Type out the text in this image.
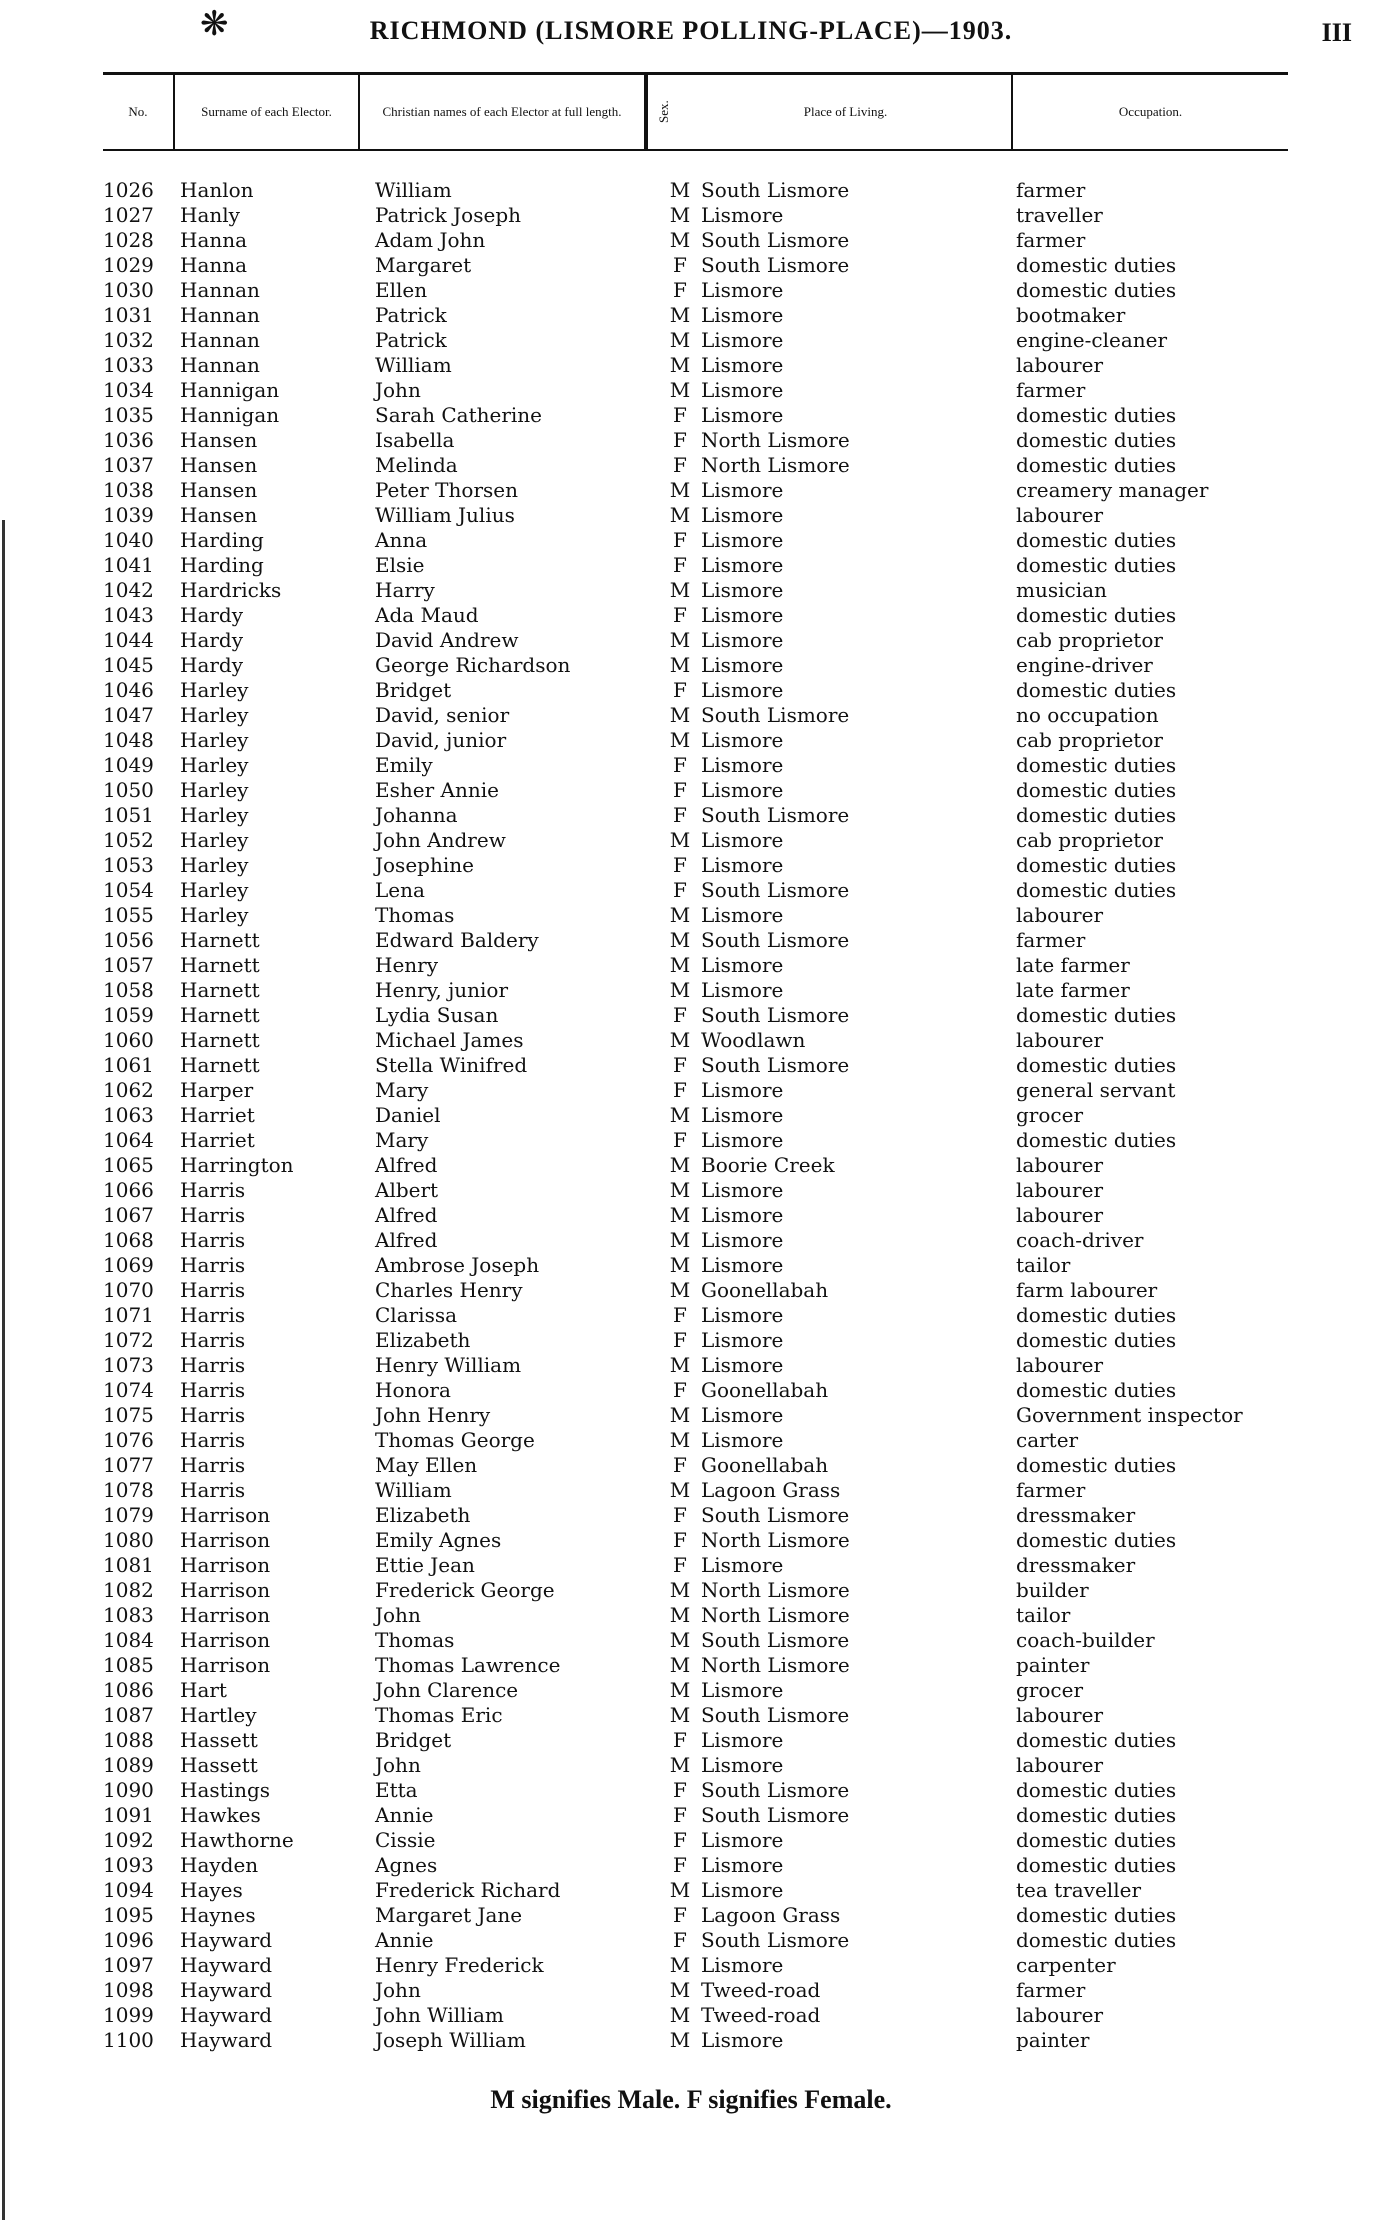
❋	RICHMOND (LISMORE POLLING-PLACE)—1903.	III
No.	Surname of each Elector.	Christian names of each Elector at full length.	Sex.	Place of Living.	Occupation.
1026	Hanlon	William	M South Lismore	farmer
1027	Hanly	Patrick Joseph	M Lismore	traveller
1028	Hanna	Adam John	M South Lismore	farmer
1029	Hanna	Margaret	F South Lismore	domestic duties
1030	Hannan	Ellen	F Lismore	domestic duties
1031	Hannan	Patrick	M Lismore	bootmaker
1032	Hannan	Patrick	M Lismore	engine-cleaner
1033	Hannan	William	M Lismore	labourer
1034	Hannigan	John	M Lismore	farmer
1035	Hannigan	Sarah Catherine	F Lismore	domestic duties
1036	Hansen	Isabella	F North Lismore	domestic duties
1037	Hansen	Melinda	F North Lismore	domestic duties
1038	Hansen	Peter Thorsen	M Lismore	creamery manager
1039	Hansen	William Julius	M Lismore	labourer
1040	Harding	Anna	F Lismore	domestic duties
1041	Harding	Elsie	F Lismore	domestic duties
1042	Hardricks	Harry	M Lismore	musician
1043	Hardy	Ada Maud	F Lismore	domestic duties
1044	Hardy	David Andrew	M Lismore	cab proprietor
1045	Hardy	George Richardson	M Lismore	engine-driver
1046	Harley	Bridget	F Lismore	domestic duties
1047	Harley	David, senior	M South Lismore	no occupation
1048	Harley	David, junior	M Lismore	cab proprietor
1049	Harley	Emily	F Lismore	domestic duties
1050	Harley	Esher Annie	F Lismore	domestic duties
1051	Harley	Johanna	F South Lismore	domestic duties
1052	Harley	John Andrew	M Lismore	cab proprietor
1053	Harley	Josephine	F Lismore	domestic duties
1054	Harley	Lena	F South Lismore	domestic duties
1055	Harley	Thomas	M Lismore	labourer
1056	Harnett	Edward Baldery	M South Lismore	farmer
1057	Harnett	Henry	M Lismore	late farmer
1058	Harnett	Henry, junior	M Lismore	late farmer
1059	Harnett	Lydia Susan	F South Lismore	domestic duties
1060	Harnett	Michael James	M Woodlawn	labourer
1061	Harnett	Stella Winifred	F South Lismore	domestic duties
1062	Harper	Mary	F Lismore	general servant
1063	Harriet	Daniel	M Lismore	grocer
1064	Harriet	Mary	F Lismore	domestic duties
1065	Harrington	Alfred	M Boorie Creek	labourer
1066	Harris	Albert	M Lismore	labourer
1067	Harris	Alfred	M Lismore	labourer
1068	Harris	Alfred	M Lismore	coach-driver
1069	Harris	Ambrose Joseph	M Lismore	tailor
1070	Harris	Charles Henry	M Goonellabah	farm labourer
1071	Harris	Clarissa	F Lismore	domestic duties
1072	Harris	Elizabeth	F Lismore	domestic duties
1073	Harris	Henry William	M Lismore	labourer
1074	Harris	Honora	F Goonellabah	domestic duties
1075	Harris	John Henry	M Lismore	Government inspector
1076	Harris	Thomas George	M Lismore	carter
1077	Harris	May Ellen	F Goonellabah	domestic duties
1078	Harris	William	M Lagoon Grass	farmer
1079	Harrison	Elizabeth	F South Lismore	dressmaker
1080	Harrison	Emily Agnes	F North Lismore	domestic duties
1081	Harrison	Ettie Jean	F Lismore	dressmaker
1082	Harrison	Frederick George	M North Lismore	builder
1083	Harrison	John	M North Lismore	tailor
1084	Harrison	Thomas	M South Lismore	coach-builder
1085	Harrison	Thomas Lawrence	M North Lismore	painter
1086	Hart	John Clarence	M Lismore	grocer
1087	Hartley	Thomas Eric	M South Lismore	labourer
1088	Hassett	Bridget	F Lismore	domestic duties
1089	Hassett	John	M Lismore	labourer
1090	Hastings	Etta	F South Lismore	domestic duties
1091	Hawkes	Annie	F South Lismore	domestic duties
1092	Hawthorne	Cissie	F Lismore	domestic duties
1093	Hayden	Agnes	F Lismore	domestic duties
1094	Hayes	Frederick Richard	M Lismore	tea traveller
1095	Haynes	Margaret Jane	F Lagoon Grass	domestic duties
1096	Hayward	Annie	F South Lismore	domestic duties
1097	Hayward	Henry Frederick	M Lismore	carpenter
1098	Hayward	John	M Tweed-road	farmer
1099	Hayward	John William	M Tweed-road	labourer
1100	Hayward	Joseph William	M Lismore	painter
M signifies Male. F signifies Female.
